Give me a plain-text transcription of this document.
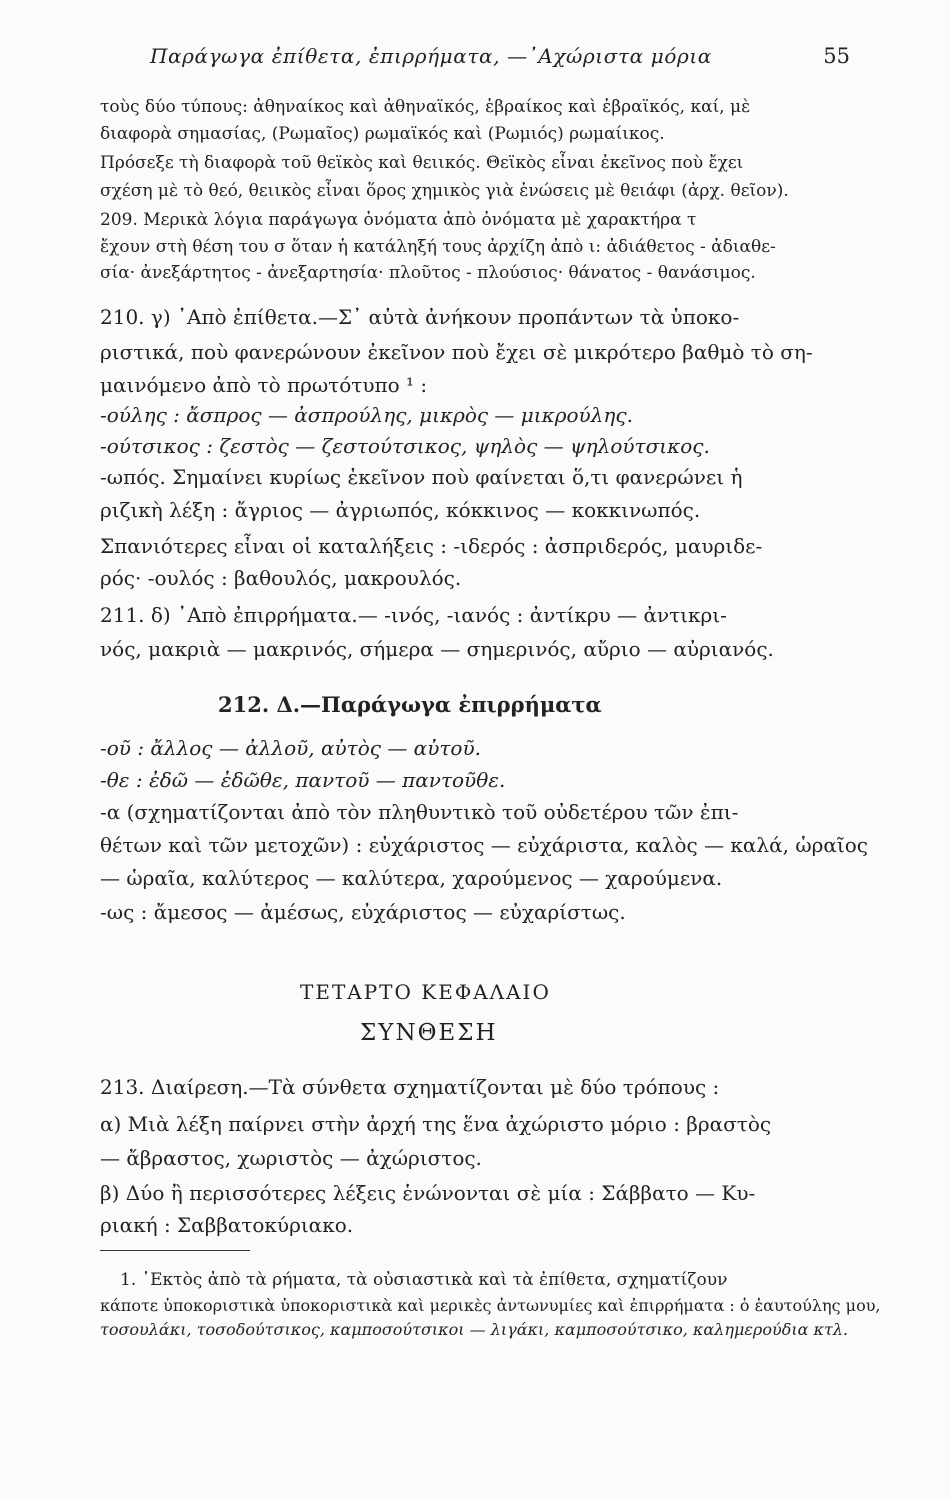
Παράγωγα ἐπίθετα, ἐπιρρήματα, —᾿Αχώριστα μόρια	55
τοὺς δύο τύπους: ἀθηναίκος καὶ ἀθηναϊκός, ἑβραίκος καὶ ἑβραϊκός, καί, μὲ
διαφορὰ σημασίας, (Ρωμαῖος) ρωμαϊκός καὶ (Ρωμιός) ρωμαίικος.
Πρόσεξε τὴ διαφορὰ τοῦ θεϊκὸς καὶ θειικός. Θεϊκὸς εἶναι ἐκεῖνος ποὺ ἔχει
σχέση μὲ τὸ θεό, θειικὸς εἶναι ὅρος χημικὸς γιὰ ἑνώσεις μὲ θειάφι (ἀρχ. θεῖον).
209. Μερικὰ λόγια παράγωγα ὀνόματα ἀπὸ ὀνόματα μὲ χαρακτήρα τ
ἔχουν στὴ θέση του σ ὅταν ἡ κατάληξή τους ἀρχίζη ἀπὸ ι: ἀδιάθετος - ἀδιαθε-
σία· ἀνεξάρτητος - ἀνεξαρτησία· πλοῦτος - πλούσιος· θάνατος - θανάσιμος.
210. γ) ᾿Απὸ ἐπίθετα.—Σ᾿ αὐτὰ ἀνήκουν προπάντων τὰ ὑποκο-
ριστικά, ποὺ φανερώνουν ἐκεῖνον ποὺ ἔχει σὲ μικρότερο βαθμὸ τὸ ση-
μαινόμενο ἀπὸ τὸ πρωτότυπο ¹ :
-ούλης : ἄσπρος — ἀσπρούλης, μικρὸς — μικρούλης.
-ούτσικος : ζεστὸς — ζεστούτσικος, ψηλὸς — ψηλούτσικος.
-ωπός. Σημαίνει κυρίως ἐκεῖνον ποὺ φαίνεται ὅ,τι φανερώνει ἡ
ριζικὴ λέξη : ἄγριος — ἀγριωπός, κόκκινος — κοκκινωπός.
Σπανιότερες εἶναι οἱ καταλήξεις : -ιδερός : ἀσπριδερός, μαυριδε-
ρός· -ουλός : βαθουλός, μακρουλός.
211. δ) ᾿Απὸ ἐπιρρήματα.— -ινός, -ιανός : ἀντίκρυ — ἀντικρι-
νός, μακριὰ — μακρινός, σήμερα — σημερινός, αὔριο — αὐριανός.
212. Δ.—Παράγωγα ἐπιρρήματα
-οῦ : ἄλλος — ἀλλοῦ, αὐτὸς — αὐτοῦ.
-θε : ἐδῶ — ἐδῶθε, παντοῦ — παντοῦθε.
-α (σχηματίζονται ἀπὸ τὸν πληθυντικὸ τοῦ οὐδετέρου τῶν ἐπι-
θέτων καὶ τῶν μετοχῶν) : εὐχάριστος — εὐχάριστα, καλὸς — καλά, ὡραῖος
— ὡραῖα, καλύτερος — καλύτερα, χαρούμενος — χαρούμενα.
-ως : ἄμεσος — ἀμέσως, εὐχάριστος — εὐχαρίστως.
ΤΕΤΑΡΤΟ ΚΕΦΑΛΑΙΟ
ΣΥΝΘΕΣΗ
213. Διαίρεση.—Τὰ σύνθετα σχηματίζονται μὲ δύο τρόπους :
α) Μιὰ λέξη παίρνει στὴν ἀρχή της ἕνα ἀχώριστο μόριο : βραστὸς
— ἄβραστος, χωριστὸς — ἀχώριστος.
β) Δύο ἢ περισσότερες λέξεις ἑνώνονται σὲ μία : Σάββατο — Κυ-
ριακή : Σαββατοκύριακο.
1. ᾿Εκτὸς ἀπὸ τὰ ρήματα, τὰ οὐσιαστικὰ καὶ τὰ ἐπίθετα, σχηματίζουν
κάποτε ὑποκοριστικὰ ὑποκοριστικὰ καὶ μερικὲς ἀντωνυμίες καὶ ἐπιρρήματα : ὁ ἑαυτούλης μου,
τοσουλάκι, τοσοδούτσικος, καμποσούτσικοι — λιγάκι, καμποσούτσικο, καλημερούδια κτλ.
